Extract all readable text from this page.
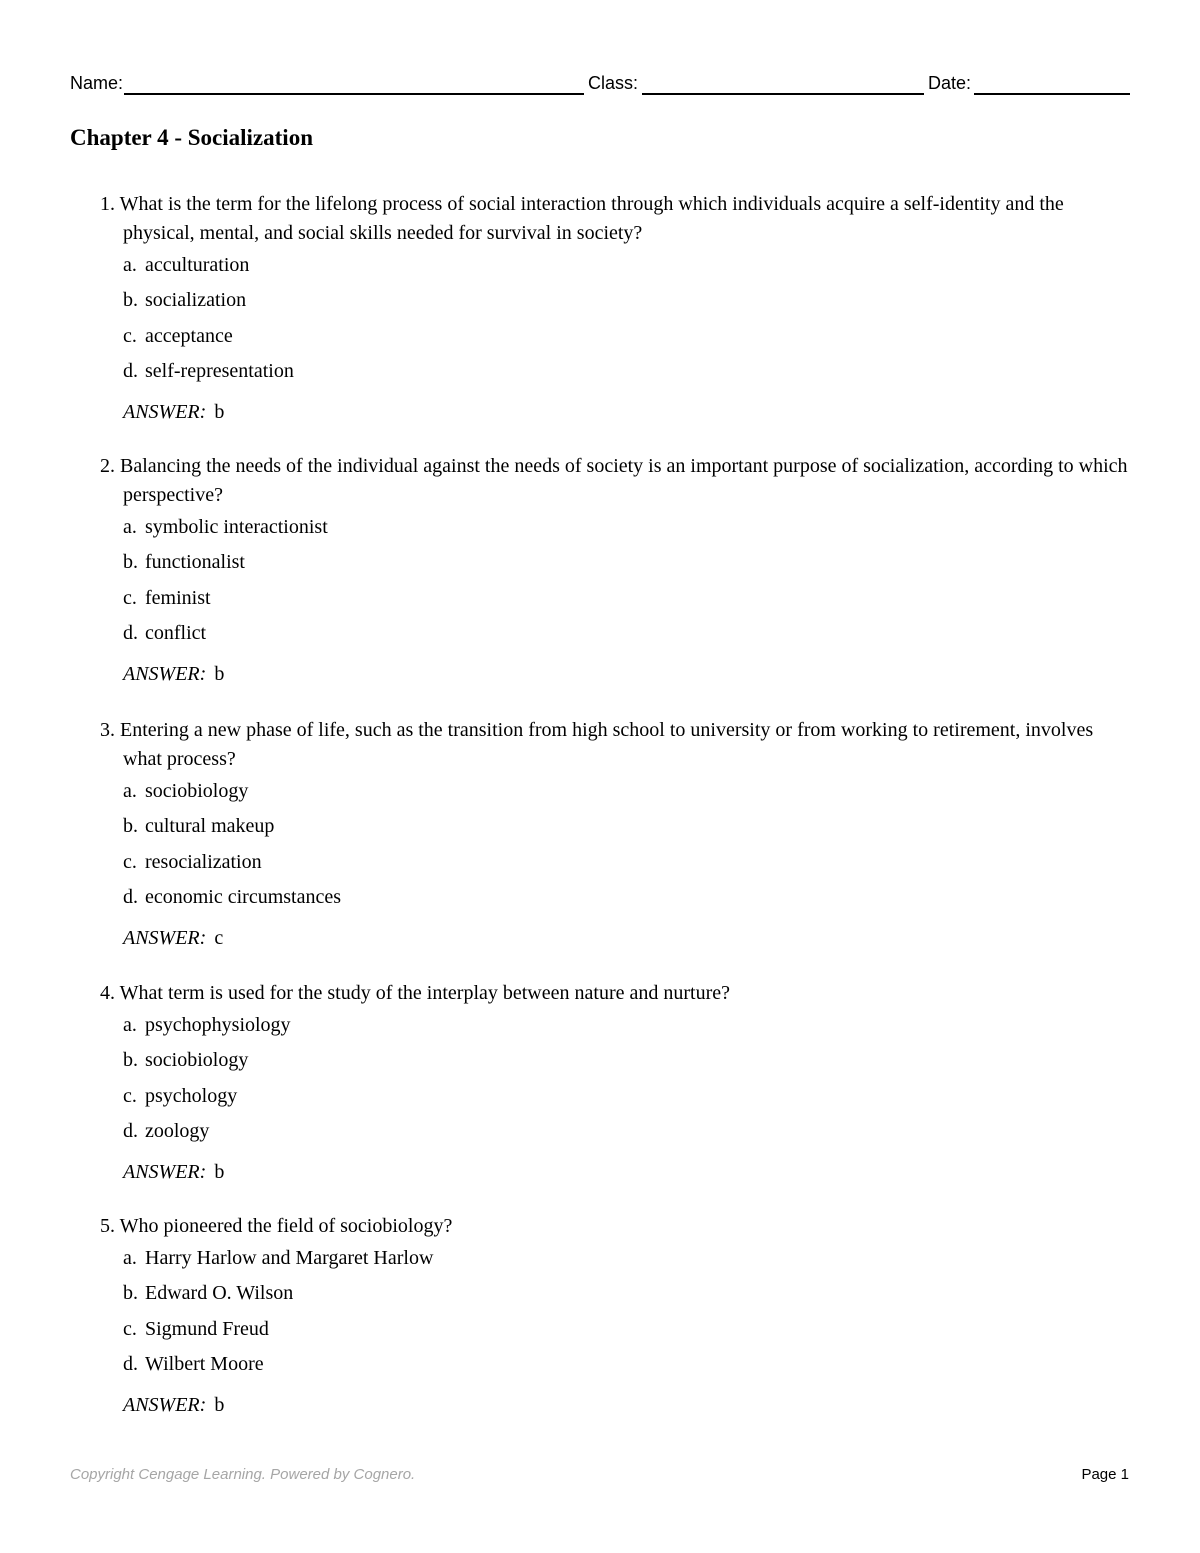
Name:	Class:	Date:
Chapter 4 - Socialization
1. What is the term for the lifelong process of social interaction through which individuals acquire a self-identity and the physical, mental, and social skills needed for survival in society?
a. acculturation
b. socialization
c. acceptance
d. self-representation
ANSWER: b
2. Balancing the needs of the individual against the needs of society is an important purpose of socialization, according to which perspective?
a. symbolic interactionist
b. functionalist
c. feminist
d. conflict
ANSWER: b
3. Entering a new phase of life, such as the transition from high school to university or from working to retirement, involves what process?
a. sociobiology
b. cultural makeup
c. resocialization
d. economic circumstances
ANSWER: c
4. What term is used for the study of the interplay between nature and nurture?
a. psychophysiology
b. sociobiology
c. psychology
d. zoology
ANSWER: b
5. Who pioneered the field of sociobiology?
a. Harry Harlow and Margaret Harlow
b. Edward O. Wilson
c. Sigmund Freud
d. Wilbert Moore
ANSWER: b
Copyright Cengage Learning. Powered by Cognero.	Page 1
